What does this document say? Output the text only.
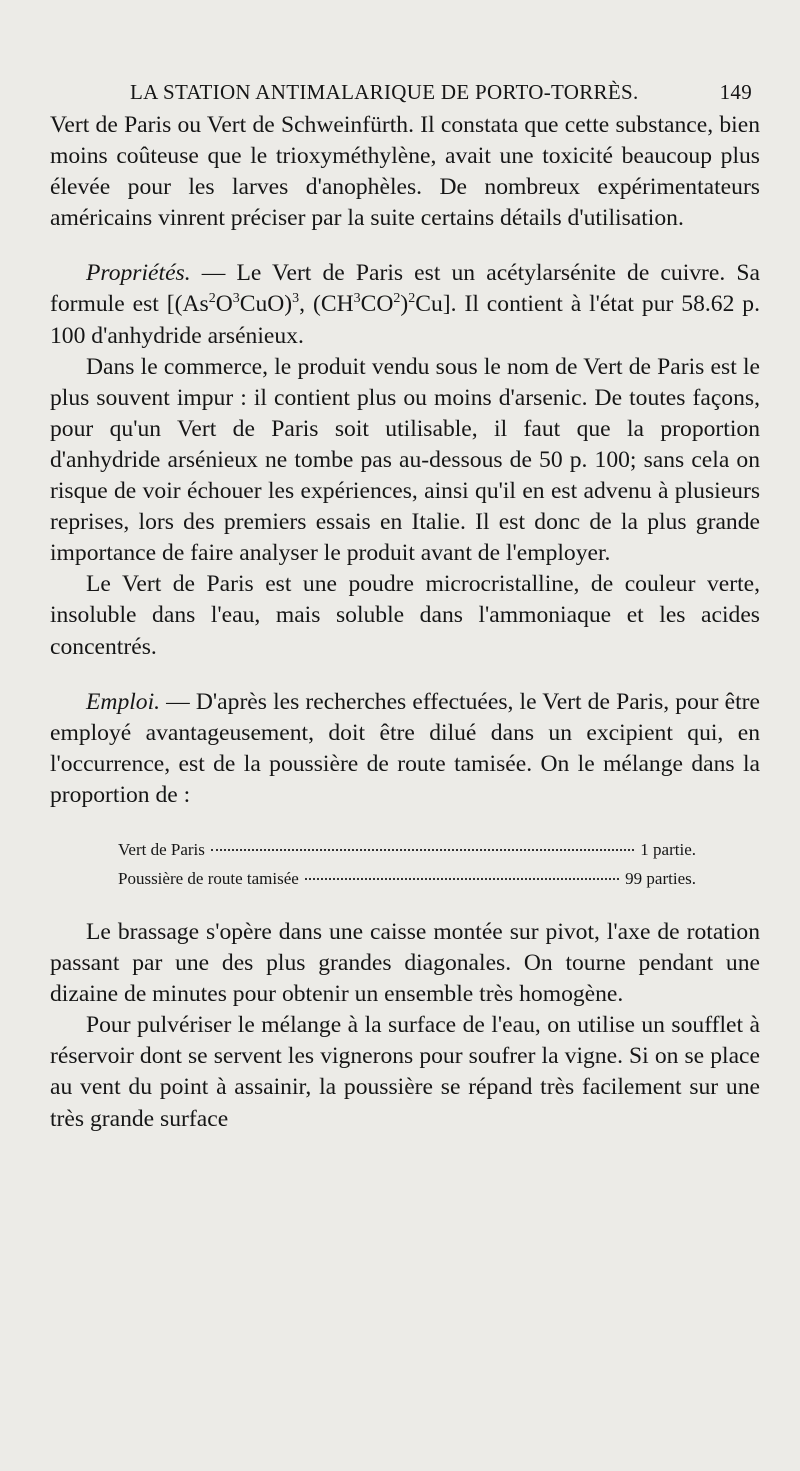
LA STATION ANTIMALARIQUE DE PORTO-TORRÈS.	149

Vert de Paris ou Vert de Schweinfürth. Il constata que cette substance, bien moins coûteuse que le trioxyméthylène, avait une toxicité beaucoup plus élevée pour les larves d'anophèles. De nombreux expérimentateurs américains vinrent préciser par la suite certains détails d'utilisation.

Propriétés. — Le Vert de Paris est un acétylarsénite de cuivre. Sa formule est [$(As^2O^3CuO)^3$, $(CH^3CO^2)^2Cu$]. Il contient à l'état pur 58.62 p. 100 d'anhydride arsénieux.

Dans le commerce, le produit vendu sous le nom de Vert de Paris est le plus souvent impur : il contient plus ou moins d'arsenic. De toutes façons, pour qu'un Vert de Paris soit utilisable, il faut que la proportion d'anhydride arsénieux ne tombe pas au-dessous de 50 p. 100; sans cela on risque de voir échouer les expériences, ainsi qu'il en est advenu à plusieurs reprises, lors des premiers essais en Italie. Il est donc de la plus grande importance de faire analyser le produit avant de l'employer.

Le Vert de Paris est une poudre microcristalline, de couleur verte, insoluble dans l'eau, mais soluble dans l'ammoniaque et les acides concentrés.

Emploi. — D'après les recherches effectuées, le Vert de Paris, pour être employé avantageusement, doit être dilué dans un excipient qui, en l'occurrence, est de la poussière de route tamisée. On le mélange dans la proportion de :

Vert de Paris	1 partie.
Poussière de route tamisée	99 parties.

Le brassage s'opère dans une caisse montée sur pivot, l'axe de rotation passant par une des plus grandes diagonales. On tourne pendant une dizaine de minutes pour obtenir un ensemble très homogène.

Pour pulvériser le mélange à la surface de l'eau, on utilise un soufflet à réservoir dont se servent les vignerons pour soufrer la vigne. Si on se place au vent du point à assainir, la poussière se répand très facilement sur une très grande surface
